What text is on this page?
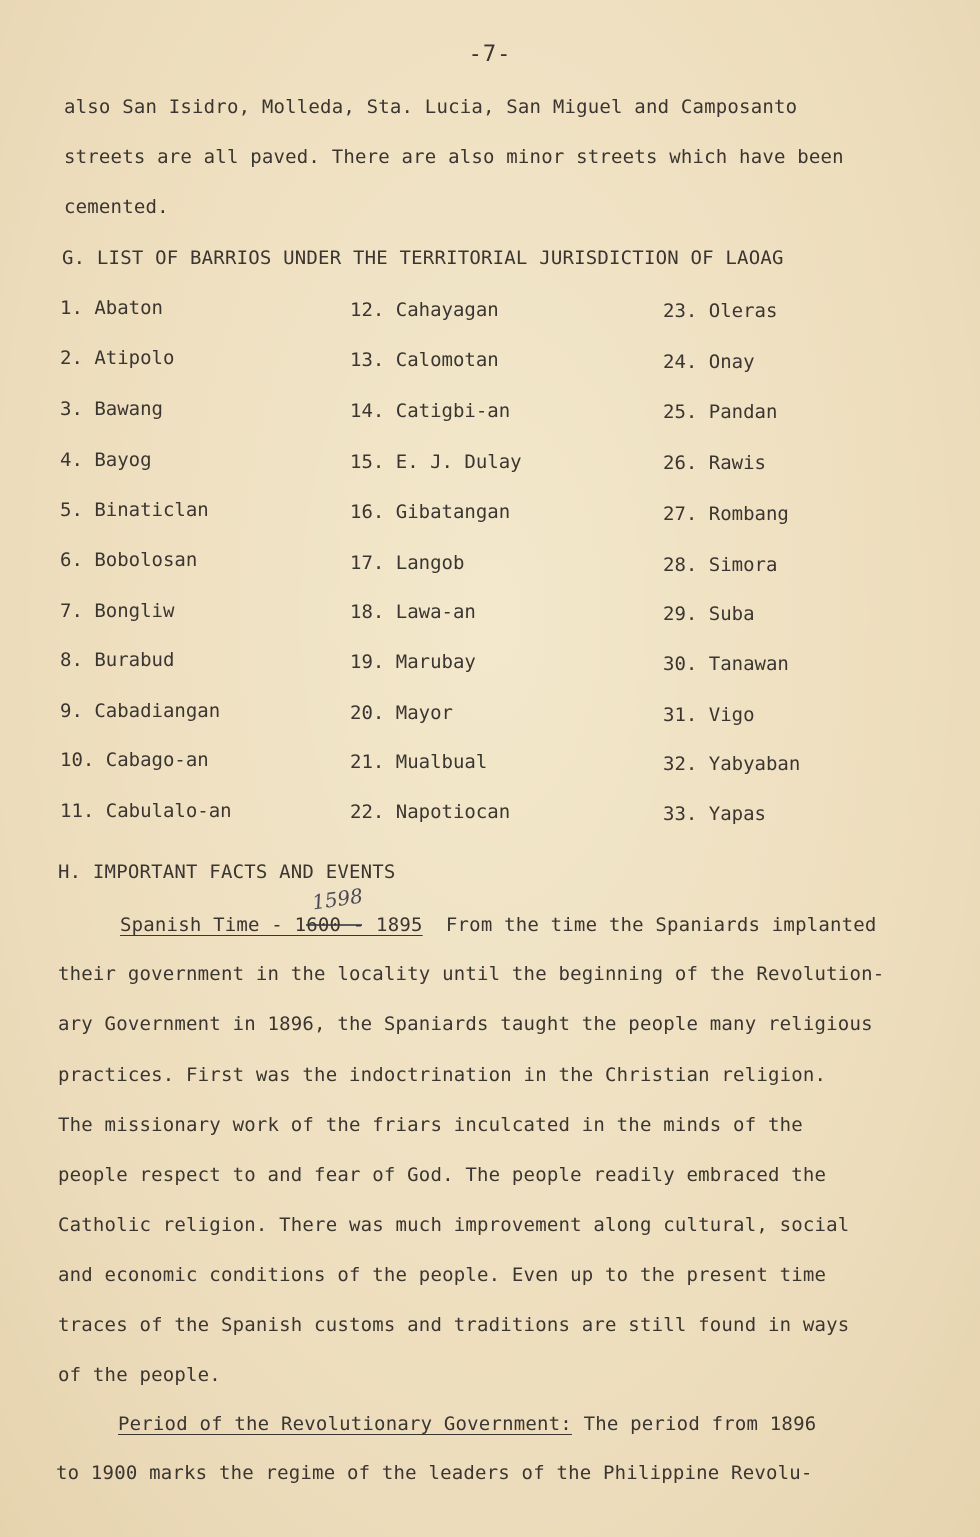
-7-
also San Isidro, Molleda, Sta. Lucia, San Miguel and Camposanto
streets are all paved. There are also minor streets which have been
cemented.
G. LIST OF BARRIOS UNDER THE TERRITORIAL JURISDICTION OF LAOAG
1. Abaton
2. Atipolo
3. Bawang
4. Bayog
5. Binaticlan
6. Bobolosan
7. Bongliw
8. Burabud
9. Cabadiangan
10. Cabago-an
11. Cabulalo-an
12. Cahayagan
13. Calomotan
14. Catigbi-an
15. E. J. Dulay
16. Gibatangan
17. Langob
18. Lawa-an
19. Marubay
20. Mayor
21. Mualbual
22. Napotiocan
23. Oleras
24. Onay
25. Pandan
26. Rawis
27. Rombang
28. Simora
29. Suba
30. Tanawan
31. Vigo
32. Yabyaban
33. Yapas
H. IMPORTANT FACTS AND EVENTS
1598
Spanish Time - 1600 - 1895 From the time the Spaniards implanted
their government in the locality until the beginning of the Revolution-
ary Government in 1896, the Spaniards taught the people many religious
practices. First was the indoctrination in the Christian religion.
The missionary work of the friars inculcated in the minds of the
people respect to and fear of God. The people readily embraced the
Catholic religion. There was much improvement along cultural, social
and economic conditions of the people. Even up to the present time
traces of the Spanish customs and traditions are still found in ways
of the people.
Period of the Revolutionary Government: The period from 1896
to 1900 marks the regime of the leaders of the Philippine Revolu-
